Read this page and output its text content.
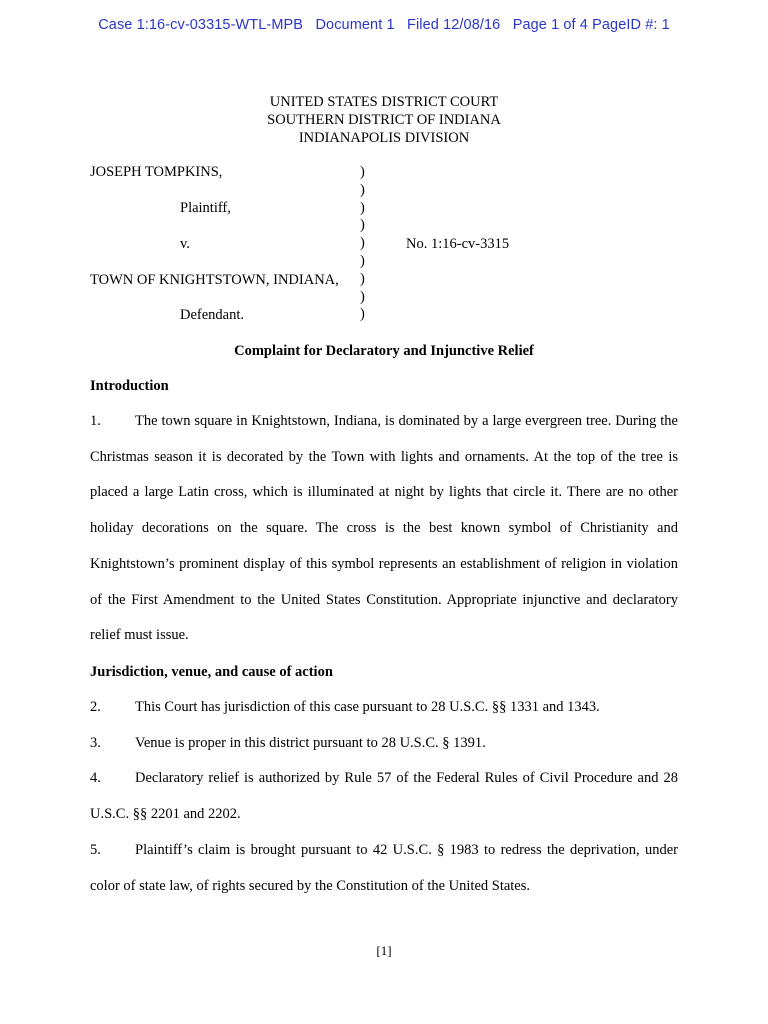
Case 1:16-cv-03315-WTL-MPB   Document 1   Filed 12/08/16   Page 1 of 4 PageID #: 1
UNITED STATES DISTRICT COURT
SOUTHERN DISTRICT OF INDIANA
INDIANAPOLIS DIVISION
JOSEPH TOMPKINS,
Plaintiff,
v.	No. 1:16-cv-3315
TOWN OF KNIGHTSTOWN, INDIANA,
Defendant.
)
)
)
)
)
)
)
)
)
Complaint for Declaratory and Injunctive Relief
Introduction

1. The town square in Knightstown, Indiana, is dominated by a large evergreen tree. During the Christmas season it is decorated by the Town with lights and ornaments. At the top of the tree is placed a large Latin cross, which is illuminated at night by lights that circle it. There are no other holiday decorations on the square. The cross is the best known symbol of Christianity and Knightstown’s prominent display of this symbol represents an establishment of religion in violation of the First Amendment to the United States Constitution. Appropriate injunctive and declaratory relief must issue.

Jurisdiction, venue, and cause of action

2. This Court has jurisdiction of this case pursuant to 28 U.S.C. §§ 1331 and 1343.

3. Venue is proper in this district pursuant to 28 U.S.C. § 1391.

4. Declaratory relief is authorized by Rule 57 of the Federal Rules of Civil Procedure and 28 U.S.C. §§ 2201 and 2202.

5. Plaintiff’s claim is brought pursuant to 42 U.S.C. § 1983 to redress the deprivation, under color of state law, of rights secured by the Constitution of the United States.

[1]
